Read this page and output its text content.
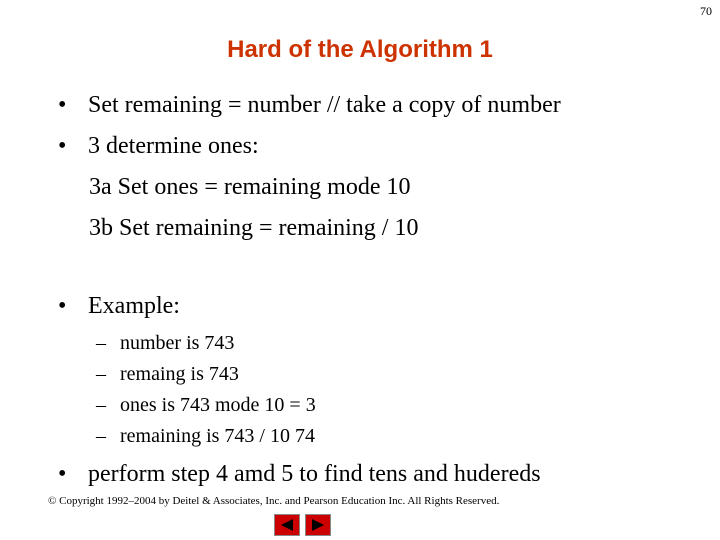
70
Hard of the Algorithm 1
• Set remaining = number // take a copy of number
• 3 determine ones:
3a Set ones = remaining mode 10
3b Set remaining = remaining / 10
• Example:
– number is 743
– remaing is 743
– ones is 743 mode 10 = 3
– remaining is 743 / 10 74
• perform step 4 amd 5 to find tens and hudereds
© Copyright 1992–2004 by Deitel & Associates, Inc. and Pearson Education Inc. All Rights Reserved.
